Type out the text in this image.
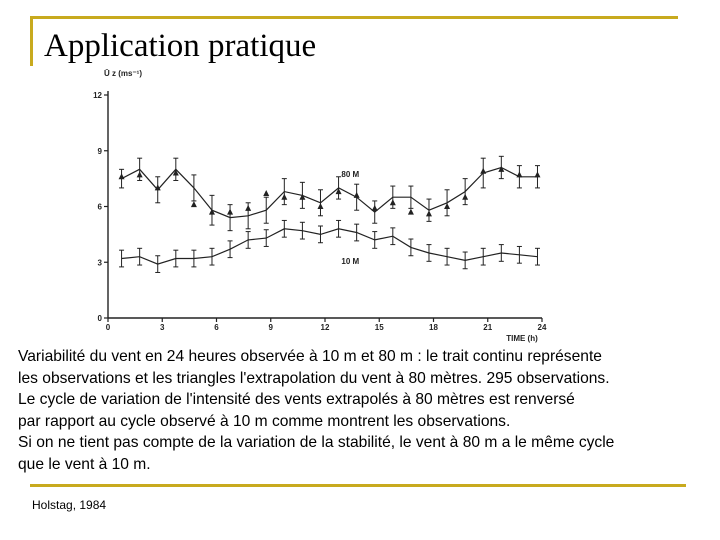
Application pratique
0
3
6
9
12
0	3	6	9	12	15	18	21	24
Ū z (ms⁻¹)
TIME (h)
80 M
10 M
Variabilité du vent en 24 heures observée à 10 m et 80 m : le trait continu représente
les observations et les triangles l'extrapolation du vent à 80 mètres. 295 observations.
Le cycle de variation de l'intensité des vents extrapolés à 80 mètres est renversé
par rapport au cycle observé à 10 m comme montrent les observations.
Si on ne tient pas compte de la variation de la stabilité, le vent à 80 m a le même cycle
que le vent à 10 m.
Holstag, 1984
